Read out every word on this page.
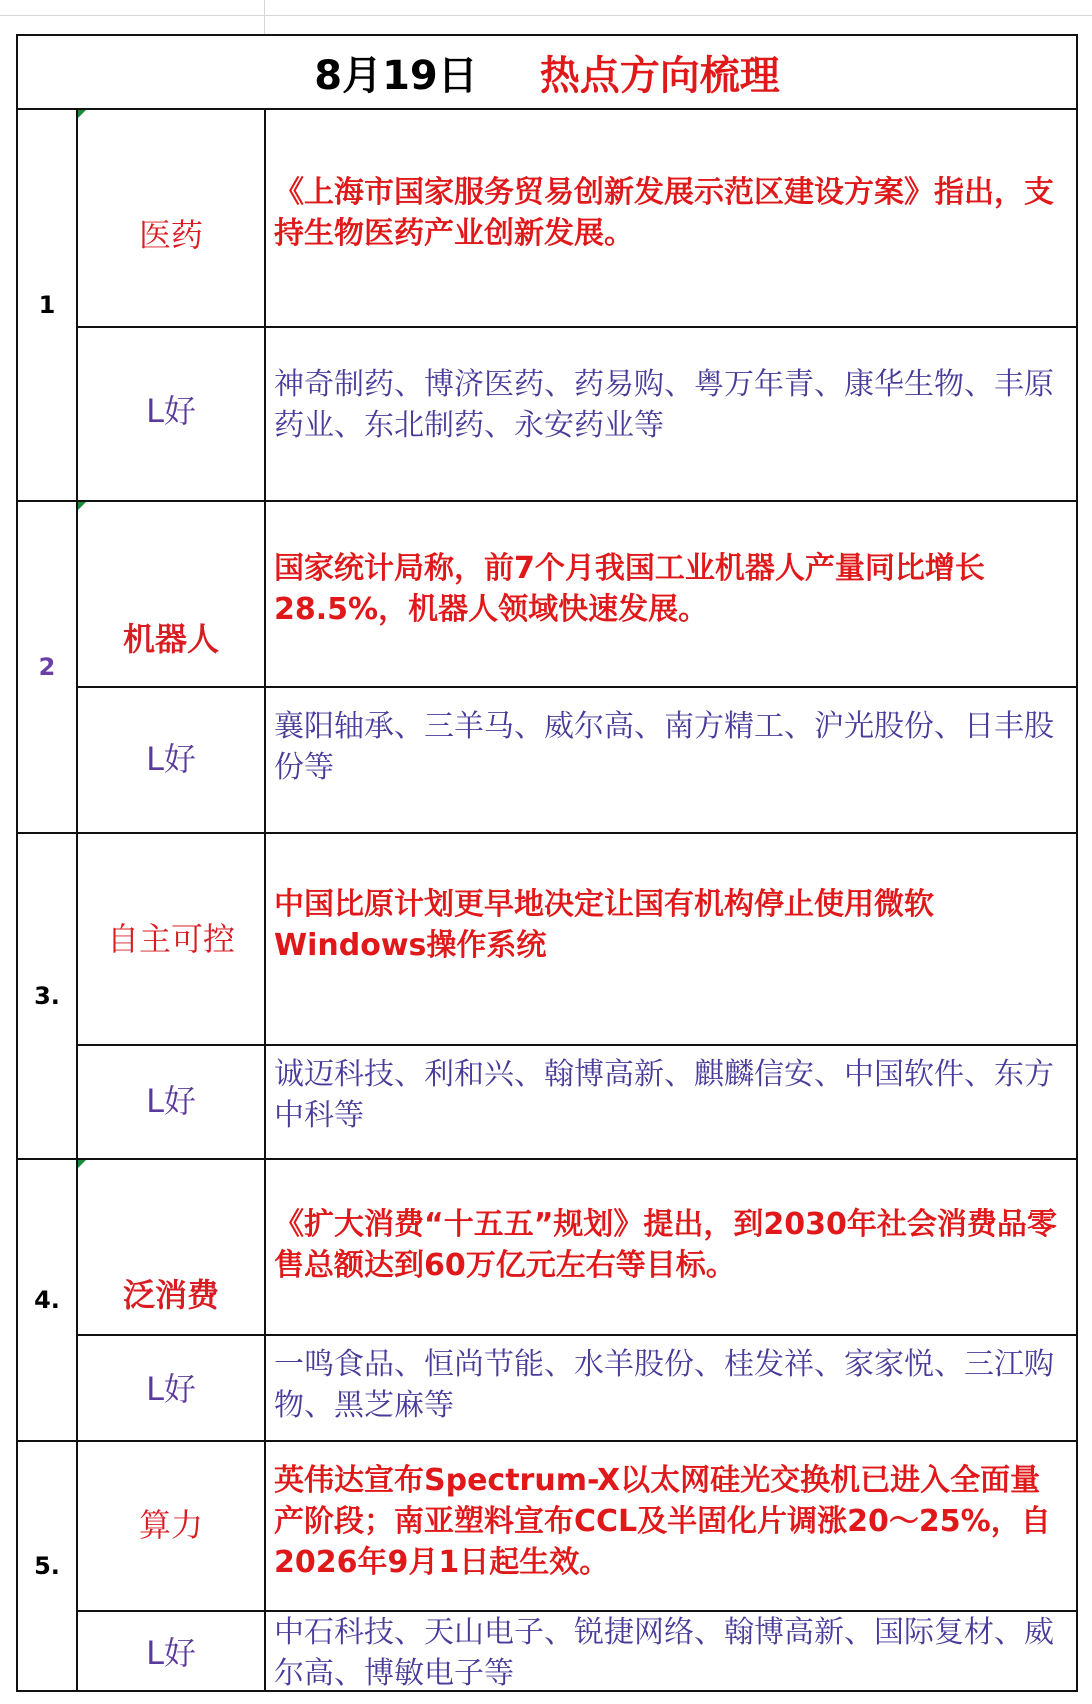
8月19日 热点方向梳理
1
医药
《上海市国家服务贸易创新发展示范区建设方案》指出，支持生物医药产业创新发展。
L好
神奇制药、博济医药、药易购、粤万年青、康华生物、丰原药业、东北制药、永安药业等
2
机器人
国家统计局称，前7个月我国工业机器人产量同比增长28.5%，机器人领域快速发展。
L好
襄阳轴承、三羊马、威尔高、南方精工、沪光股份、日丰股份等
3.
自主可控
中国比原计划更早地决定让国有机构停止使用微软Windows操作系统
L好
诚迈科技、利和兴、翰博高新、麒麟信安、中国软件、东方中科等
4.	泛消费
《扩大消费“十五五”规划》提出，到2030年社会消费品零售总额达到60万亿元左右等目标。
L好
一鸣食品、恒尚节能、水羊股份、桂发祥、家家悦、三江购物、黑芝麻等
5.
算力
英伟达宣布Spectrum-X以太网硅光交换机已进入全面量产阶段；南亚塑料宣布CCL及半固化片调涨20～25%，自2026年9月1日起生效。
L好
中石科技、天山电子、锐捷网络、翰博高新、国际复材、威尔高、博敏电子等
